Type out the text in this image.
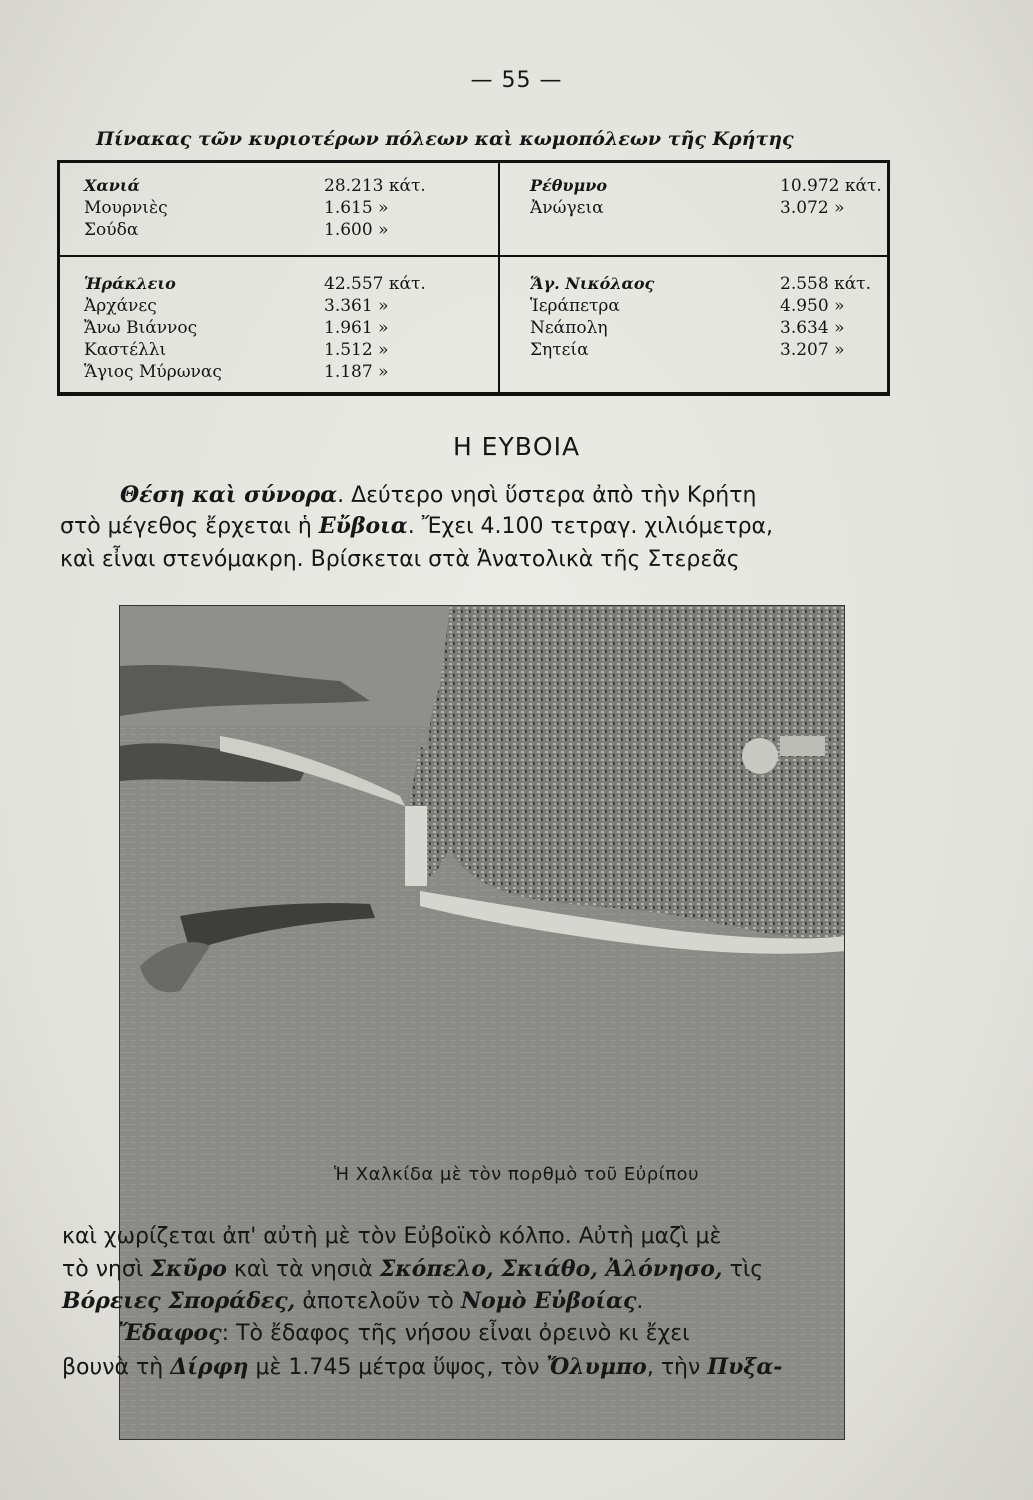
— 55 —
Πίνακας τῶν κυριοτέρων πόλεων καὶ κωμοπόλεων τῆς Κρήτης
Χανιά	28.213 κάτ.
Μουρνιὲς	1.615 »
Σούδα	1.600 »
Ρέθυμνο	10.972 κάτ.
Ἀνώγεια	3.072 »
Ἡράκλειο	42.557 κάτ.
Ἀρχάνες	3.361 »
Ἄνω Βιάννος	1.961 »
Καστέλλι	1.512 »
Ἅγιος Μύρωνας	1.187 »
Ἅγ. Νικόλαος	2.558 κάτ.
Ἱεράπετρα	4.950 »
Νεάπολη	3.634 »
Σητεία	3.207 »
Η ΕΥΒΟΙΑ
Θέση καὶ σύνορα. Δεύτερο νησὶ ὕστερα ἀπὸ τὴν Κρήτη
στὸ μέγεθος ἔρχεται ἡ Εὔβοια. Ἔχει 4.100 τετραγ. χιλιόμετρα,
καὶ εἶναι στενόμακρη. Βρίσκεται στὰ Ἀνατολικὰ τῆς Στερεᾶς
Ἡ Χαλκίδα μὲ τὸν πορθμὸ τοῦ Εὐρίπου
καὶ χωρίζεται ἀπ' αὐτὴ μὲ τὸν Εὐβοϊκὸ κόλπο. Αὐτὴ μαζὶ μὲ
τὸ νησὶ Σκῦρο καὶ τὰ νησιὰ Σκόπελο, Σκιάθο, Ἀλόνησο, τὶς
Βόρειες Σποράδες, ἀποτελοῦν τὸ Νομὸ Εὐβοίας.
Ἔδαφος: Τὸ ἔδαφος τῆς νήσου εἶναι ὀρεινὸ κι ἔχει
βουνὰ τὴ Δίρφη μὲ 1.745 μέτρα ὕψος, τὸν Ὄλυμπο, τὴν Πυξα-
